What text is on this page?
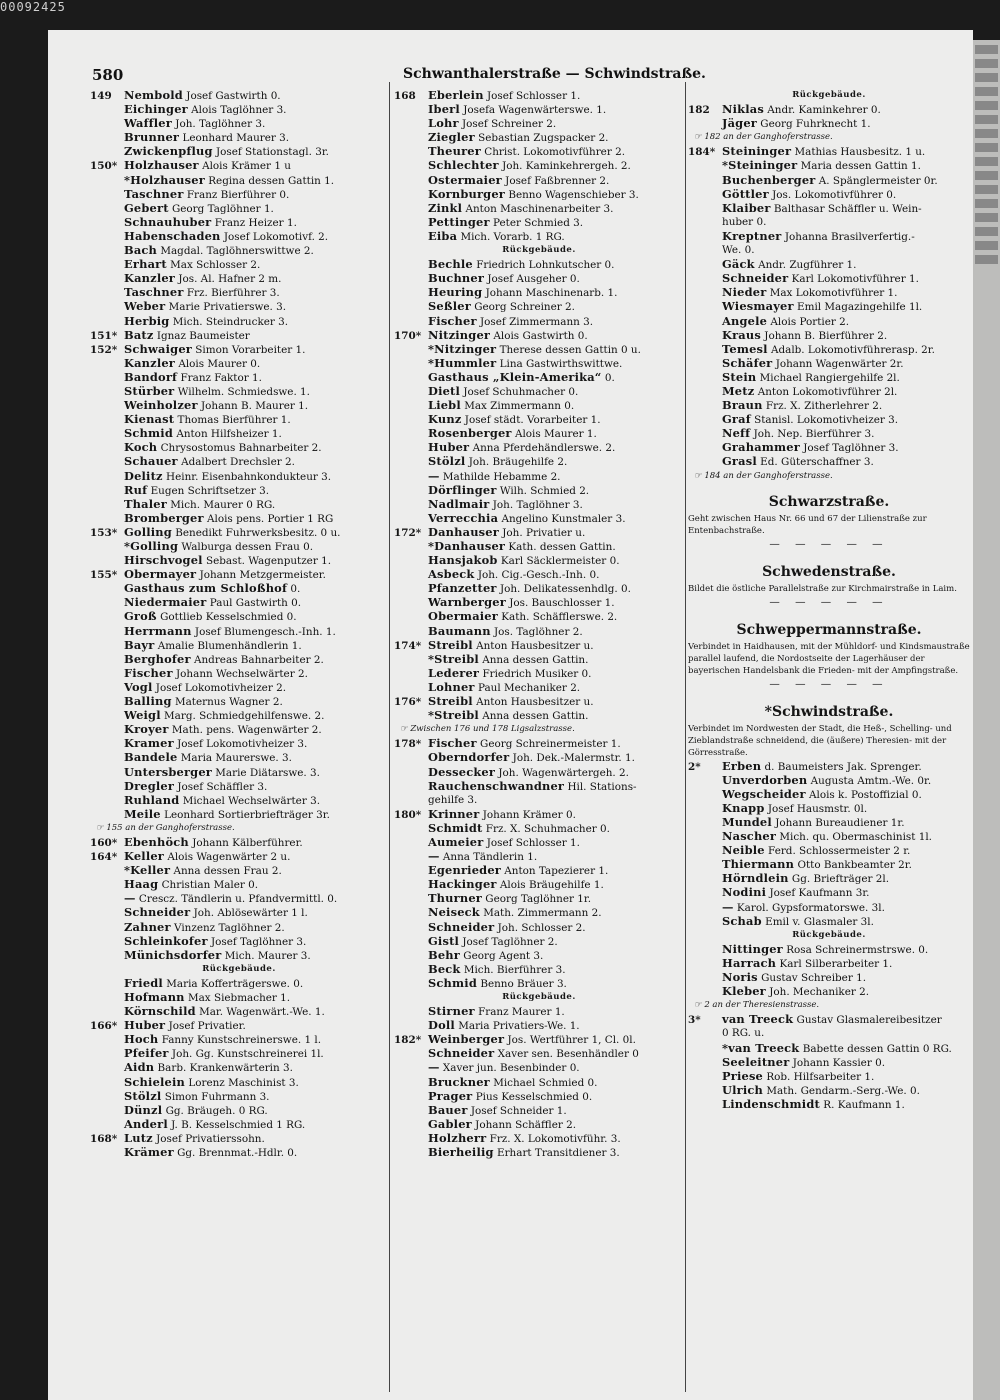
00092425
580	Schwanthalerstraße — Schwindstraße.
149 Nembold Josef Gastwirth 0.
Eichinger Alois Taglöhner 3.
Waffler Joh. Taglöhner 3.
Brunner Leonhard Maurer 3.
Zwickenpflug Josef Stationstagl. 3r.
150* Holzhauser Alois Krämer 1 u
*Holzhauser Regina dessen Gattin 1.
Taschner Franz Bierführer 0.
Gebert Georg Taglöhner 1.
Schnauhuber Franz Heizer 1.
Habenschaden Josef Lokomotivf. 2.
Bach Magdal. Taglöhnerswittwe 2.
Erhart Max Schlosser 2.
Kanzler Jos. Al. Hafner 2 m.
Taschner Frz. Bierführer 3.
Weber Marie Privatierswe. 3.
Herbig Mich. Steindrucker 3.
151* Batz Ignaz Baumeister
152* Schwaiger Simon Vorarbeiter 1.
Kanzler Alois Maurer 0.
Bandorf Franz Faktor 1.
Stürber Wilhelm. Schmiedswe. 1.
Weinholzer Johann B. Maurer 1.
Kienast Thomas Bierführer 1.
Schmid Anton Hilfsheizer 1.
Koch Chrysostomus Bahnarbeiter 2.
Schauer Adalbert Drechsler 2.
Delitz Heinr. Eisenbahnkondukteur 3.
Ruf Eugen Schriftsetzer 3.
Thaler Mich. Maurer 0 RG.
Bromberger Alois pens. Portier 1 RG
153* Golling Benedikt Fuhrwerksbesitz. 0 u.
*Golling Walburga dessen Frau 0.
Hirschvogel Sebast. Wagenputzer 1.
155* Obermayer Johann Metzgermeister.
Gasthaus zum Schloßhof 0.
Niedermaier Paul Gastwirth 0.
Groß Gottlieb Kesselschmied 0.
Herrmann Josef Blumengesch.-Inh. 1.
Bayr Amalie Blumenhändlerin 1.
Berghofer Andreas Bahnarbeiter 2.
Fischer Johann Wechselwärter 2.
Vogl Josef Lokomotivheizer 2.
Balling Maternus Wagner 2.
Weigl Marg. Schmiedgehilfenswe. 2.
Kroyer Math. pens. Wagenwärter 2.
Kramer Josef Lokomotivheizer 3.
Bandele Maria Maurerswe. 3.
Untersberger Marie Diätarswe. 3.
Dregler Josef Schäffler 3.
Ruhland Michael Wechselwärter 3.
Meile Leonhard Sortierbriefträger 3r.
☞ 155 an der Ganghoferstrasse.
160* Ebenhöch Johann Kälberführer.
164* Keller Alois Wagenwärter 2 u.
*Keller Anna dessen Frau 2.
Haag Christian Maler 0.
— Crescz. Tändlerin u. Pfandvermittl. 0.
Schneider Joh. Ablösewärter 1 l.
Zahner Vinzenz Taglöhner 2.
Schleinkofer Josef Taglöhner 3.
Münichsdorfer Mich. Maurer 3.
Rückgebäude.
Friedl Maria Kofferträgerswe. 0.
Hofmann Max Siebmacher 1.
Körnschild Mar. Wagenwärt.-We. 1.
166* Huber Josef Privatier.
Hoch Fanny Kunstschreinerswe. 1 l.
Pfeifer Joh. Gg. Kunstschreinerei 1l.
Aidn Barb. Krankenwärterin 3.
Schielein Lorenz Maschinist 3.
Stölzl Simon Fuhrmann 3.
Dünzl Gg. Bräugeh. 0 RG.
Anderl J. B. Kesselschmied 1 RG.
168* Lutz Josef Privatierssohn.
Krämer Gg. Brennmat.-Hdlr. 0.
168 Eberlein Josef Schlosser 1.
Iberl Josefa Wagenwärterswe. 1.
Lohr Josef Schreiner 2.
Ziegler Sebastian Zugspacker 2.
Theurer Christ. Lokomotivführer 2.
Schlechter Joh. Kaminkehrergeh. 2.
Ostermaier Josef Faßbrenner 2.
Kornburger Benno Wagenschieber 3.
Zinkl Anton Maschinenarbeiter 3.
Pettinger Peter Schmied 3.
Eiba Mich. Vorarb. 1 RG.
Rückgebäude.
Bechle Friedrich Lohnkutscher 0.
Buchner Josef Ausgeher 0.
Heuring Johann Maschinenarb. 1.
Seßler Georg Schreiner 2.
Fischer Josef Zimmermann 3.
170* Nitzinger Alois Gastwirth 0.
*Nitzinger Therese dessen Gattin 0 u.
*Hummler Lina Gastwirthswittwe.
Gasthaus „Klein-Amerika“ 0.
Dietl Josef Schuhmacher 0.
Liebl Max Zimmermann 0.
Kunz Josef städt. Vorarbeiter 1.
Rosenberger Alois Maurer 1.
Huber Anna Pferdehändlerswe. 2.
Stölzl Joh. Bräugehilfe 2.
— Mathilde Hebamme 2.
Dörflinger Wilh. Schmied 2.
Nadlmair Joh. Taglöhner 3.
Verrecchia Angelino Kunstmaler 3.
172* Danhauser Joh. Privatier u.
*Danhauser Kath. dessen Gattin.
Hansjakob Karl Säcklermeister 0.
Asbeck Joh. Cig.-Gesch.-Inh. 0.
Pfanzetter Joh. Delikatessenhdlg. 0.
Warnberger Jos. Bauschlosser 1.
Obermaier Kath. Schäfflerswe. 2.
Baumann Jos. Taglöhner 2.
174* Streibl Anton Hausbesitzer u.
*Streibl Anna dessen Gattin.
Lederer Friedrich Musiker 0.
Lohner Paul Mechaniker 2.
176* Streibl Anton Hausbesitzer u.
*Streibl Anna dessen Gattin.
☞ Zwischen 176 und 178 Ligsalzstrasse.
178* Fischer Georg Schreinermeister 1.
Oberndorfer Joh. Dek.-Malermstr. 1.
Dessecker Joh. Wagenwärtergeh. 2.
Rauchenschwandner Hil. Stations-
gehilfe 3.
180* Krinner Johann Krämer 0.
Schmidt Frz. X. Schuhmacher 0.
Aumeier Josef Schlosser 1.
— Anna Tändlerin 1.
Egenrieder Anton Tapezierer 1.
Hackinger Alois Bräugehilfe 1.
Thurner Georg Taglöhner 1r.
Neiseck Math. Zimmermann 2.
Schneider Joh. Schlosser 2.
Gistl Josef Taglöhner 2.
Behr Georg Agent 3.
Beck Mich. Bierführer 3.
Schmid Benno Bräuer 3.
Rückgebäude.
Stirner Franz Maurer 1.
Doll Maria Privatiers-We. 1.
182* Weinberger Jos. Wertführer 1, Cl. 0l.
Schneider Xaver sen. Besenhändler 0
— Xaver jun. Besenbinder 0.
Bruckner Michael Schmied 0.
Prager Pius Kesselschmied 0.
Bauer Josef Schneider 1.
Gabler Johann Schäffler 2.
Holzherr Frz. X. Lokomotivführ. 3.
Bierheilig Erhart Transitdiener 3.
Rückgebäude.
182 Niklas Andr. Kaminkehrer 0.
Jäger Georg Fuhrknecht 1.
☞ 182 an der Ganghoferstrasse.
184* Steininger Mathias Hausbesitz. 1 u.
*Steininger Maria dessen Gattin 1.
Buchenberger A. Spänglermeister 0r.
Göttler Jos. Lokomotivführer 0.
Klaiber Balthasar Schäffler u. Wein-
huber 0.
Kreptner Johanna Brasilverfertig.-
We. 0.
Gäck Andr. Zugführer 1.
Schneider Karl Lokomotivführer 1.
Nieder Max Lokomotivführer 1.
Wiesmayer Emil Magazingehilfe 1l.
Angele Alois Portier 2.
Kraus Johann B. Bierführer 2.
Temesl Adalb. Lokomotivführerasp. 2r.
Schäfer Johann Wagenwärter 2r.
Stein Michael Rangiergehilfe 2l.
Metz Anton Lokomotivführer 2l.
Braun Frz. X. Zitherlehrer 2.
Graf Stanisl. Lokomotivheizer 3.
Neff Joh. Nep. Bierführer 3.
Grahammer Josef Taglöhner 3.
Grasl Ed. Güterschaffner 3.
☞ 184 an der Ganghoferstrasse.
Schwarzstraße.
Geht zwischen Haus Nr. 66 und 67 der Lilienstraße zur Entenbachstraße.
— — — — —
Schwedenstraße.
Bildet die östliche Parallelstraße zur Kirchmairstraße in Laim.
— — — — —
Schweppermannstraße.
Verbindet in Haidhausen, mit der Mühldorf- und Kindsmaustraße parallel laufend, die Nordostseite der Lagerhäuser der bayerischen Handelsbank die Frieden- mit der Ampfingstraße.
— — — — —
*Schwindstraße.
Verbindet im Nordwesten der Stadt, die Heß-, Schelling- und Zieblandstraße schneidend, die (äußere) Theresien- mit der Görresstraße.
2* Erben d. Baumeisters Jak. Sprenger.
Unverdorben Augusta Amtm.-We. 0r.
Wegscheider Alois k. Postoffizial 0.
Knapp Josef Hausmstr. 0l.
Mundel Johann Bureaudiener 1r.
Nascher Mich. qu. Obermaschinist 1l.
Neible Ferd. Schlossermeister 2 r.
Thiermann Otto Bankbeamter 2r.
Hörndlein Gg. Briefträger 2l.
Nodini Josef Kaufmann 3r.
— Karol. Gypsformatorswe. 3l.
Schab Emil v. Glasmaler 3l.
Rückgebäude.
Nittinger Rosa Schreinermstrswe. 0.
Harrach Karl Silberarbeiter 1.
Noris Gustav Schreiber 1.
Kleber Joh. Mechaniker 2.
☞ 2 an der Theresienstrasse.
3* van Treeck Gustav Glasmalereibesitzer
0 RG. u.
*van Treeck Babette dessen Gattin 0 RG.
Seeleitner Johann Kassier 0.
Priese Rob. Hilfsarbeiter 1.
Ulrich Math. Gendarm.-Serg.-We. 0.
Lindenschmidt R. Kaufmann 1.
